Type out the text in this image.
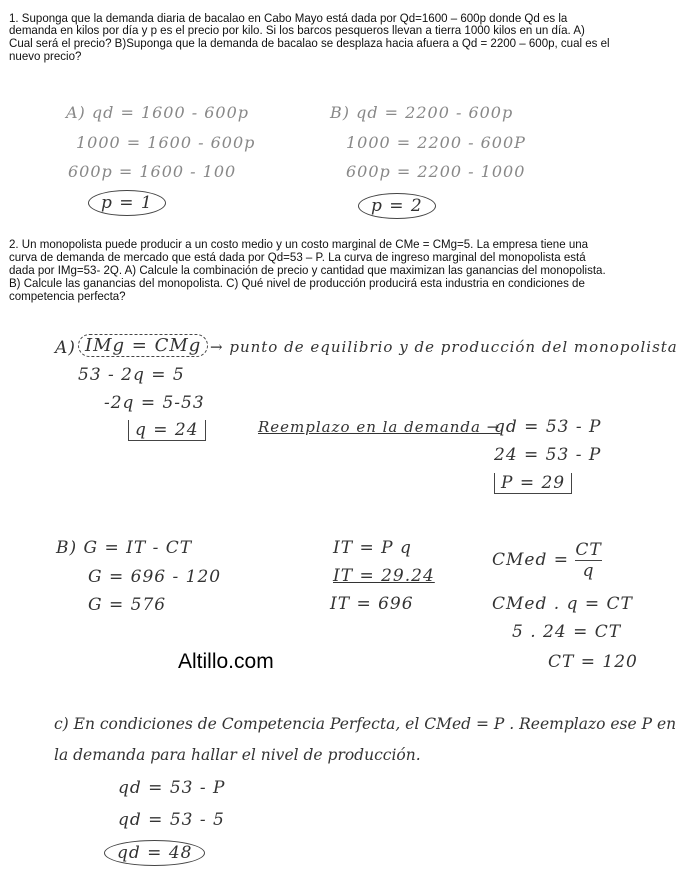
1. Suponga que la demanda diaria de bacalao en Cabo Mayo está dada por Qd=1600 – 600p donde Qd es la
demanda en kilos por día y p es el precio por kilo. Si los barcos pesqueros llevan a tierra 1000 kilos en un día. A)
Cual será el precio? B)Suponga que la demanda de bacalao se desplaza hacia afuera a Qd = 2200 – 600p, cual es el
nuevo precio?
A) qd = 1600 - 600p
1000 = 1600 - 600p
600p = 1600 - 100
p = 1
B) qd = 2200 - 600p
1000 = 2200 - 600P
600p = 2200 - 1000
p = 2
2. Un monopolista puede producir a un costo medio y un costo marginal de CMe = CMg=5. La empresa tiene una
curva de demanda de mercado que está dada por Qd=53 – P. La curva de ingreso marginal del monopolista está
dada por IMg=53- 2Q. A) Calcule la combinación de precio y cantidad que maximizan las ganancias del monopolista.
B) Calcule las ganancias del monopolista. C) Qué nivel de producción producirá esta industria en condiciones de
competencia perfecta?
A) IMg = CMg → punto de equilibrio y de producción del monopolista
53 - 2q = 5
-2q = 5-53
q = 24	Reemplazo en la demanda →
qd = 53 - P
24 = 53 - P
P = 29
B) G = IT - CT
G = 696 - 120
G = 576
IT = P q
IT = 29.24
IT = 696
CMed = $\frac{CT}{q}$
CMed . q = CT
5 . 24 = CT
CT = 120
Altillo.com
c) En condiciones de Competencia Perfecta, el CMed = P . Reemplazo ese P en
la demanda para hallar el nivel de producción.
qd = 53 - P
qd = 53 - 5
qd = 48
